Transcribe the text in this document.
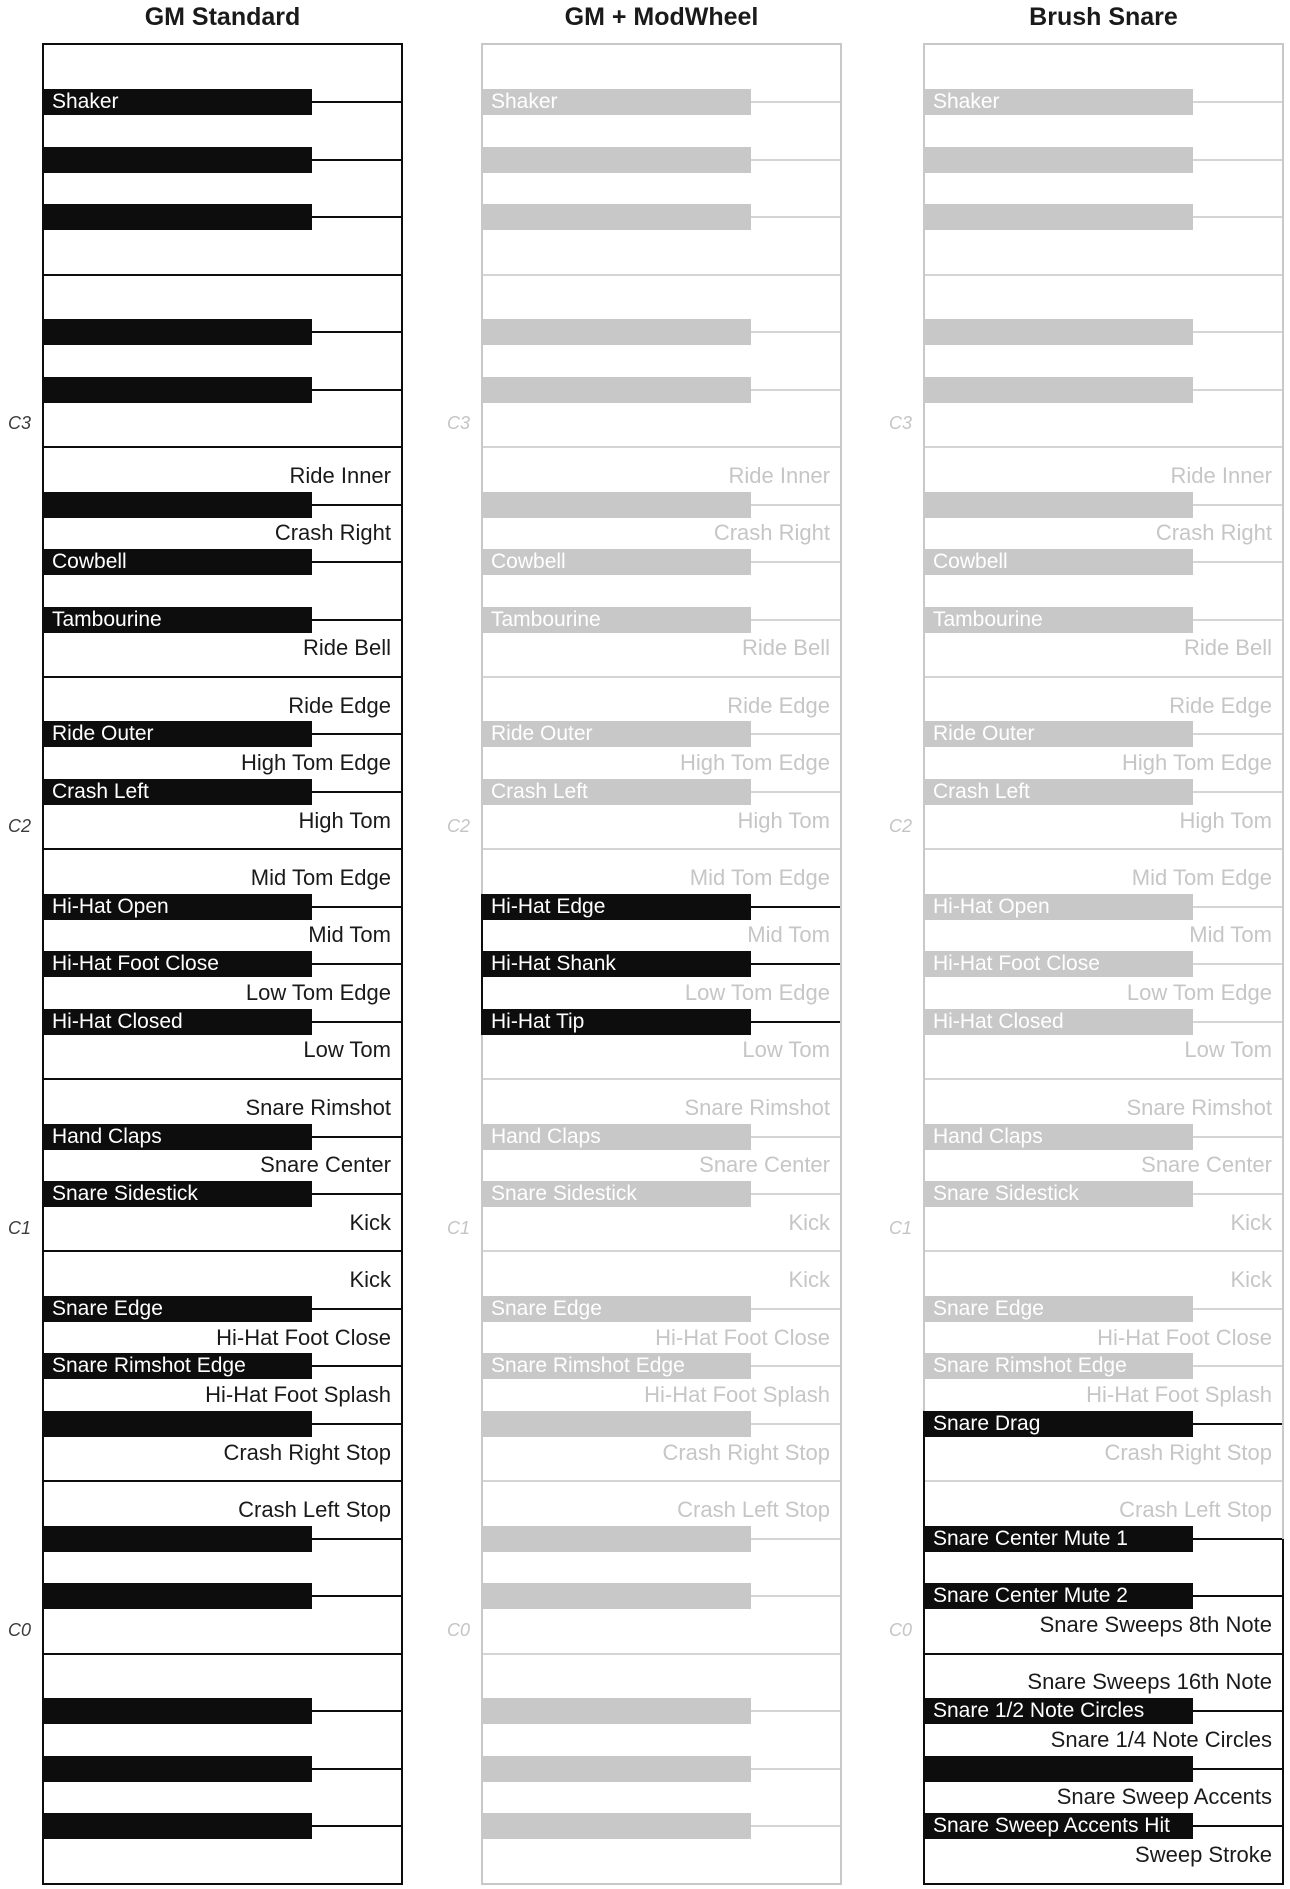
GM Standard	GM + ModWheel	Brush Snare
Ride Inner
Crash Right
Ride Bell
Ride Edge
High Tom Edge
High Tom
Mid Tom Edge
Mid Tom
Low Tom Edge
Low Tom
Snare Rimshot
Snare Center
Kick
Kick
Hi-Hat Foot Close
Hi-Hat Foot Splash
Crash Right Stop
Crash Left Stop
Shaker
Cowbell
Tambourine
Ride Outer
Crash Left
Hi-Hat Open
Hi-Hat Foot Close
Hi-Hat Closed
Hand Claps
Snare Sidestick
Snare Edge
Snare Rimshot Edge
C3
C2
C1
C0
Ride Inner
Crash Right
Ride Bell
Ride Edge
High Tom Edge
High Tom
Mid Tom Edge
Mid Tom
Low Tom Edge
Low Tom
Snare Rimshot
Snare Center
Kick
Kick
Hi-Hat Foot Close
Hi-Hat Foot Splash
Crash Right Stop
Crash Left Stop
Shaker
Cowbell
Tambourine
Ride Outer
Crash Left
Hi-Hat Edge
Hi-Hat Shank
Hi-Hat Tip
Hand Claps
Snare Sidestick
Snare Edge
Snare Rimshot Edge
C3
C2
C1
C0
Ride Inner
Crash Right
Ride Bell
Ride Edge
High Tom Edge
High Tom
Mid Tom Edge
Mid Tom
Low Tom Edge
Low Tom
Snare Rimshot
Snare Center
Kick
Kick
Hi-Hat Foot Close
Hi-Hat Foot Splash
Crash Right Stop
Crash Left Stop
Snare Sweeps 8th Note
Snare Sweeps 16th Note
Snare 1/4 Note Circles
Snare Sweep Accents
Sweep Stroke
Shaker
Cowbell
Tambourine
Ride Outer
Crash Left
Hi-Hat Open
Hi-Hat Foot Close
Hi-Hat Closed
Hand Claps
Snare Sidestick
Snare Edge
Snare Rimshot Edge
Snare Drag
Snare Center Mute 1
Snare Center Mute 2
Snare 1/2 Note Circles
Snare Sweep Accents Hit
C3
C2
C1
C0
